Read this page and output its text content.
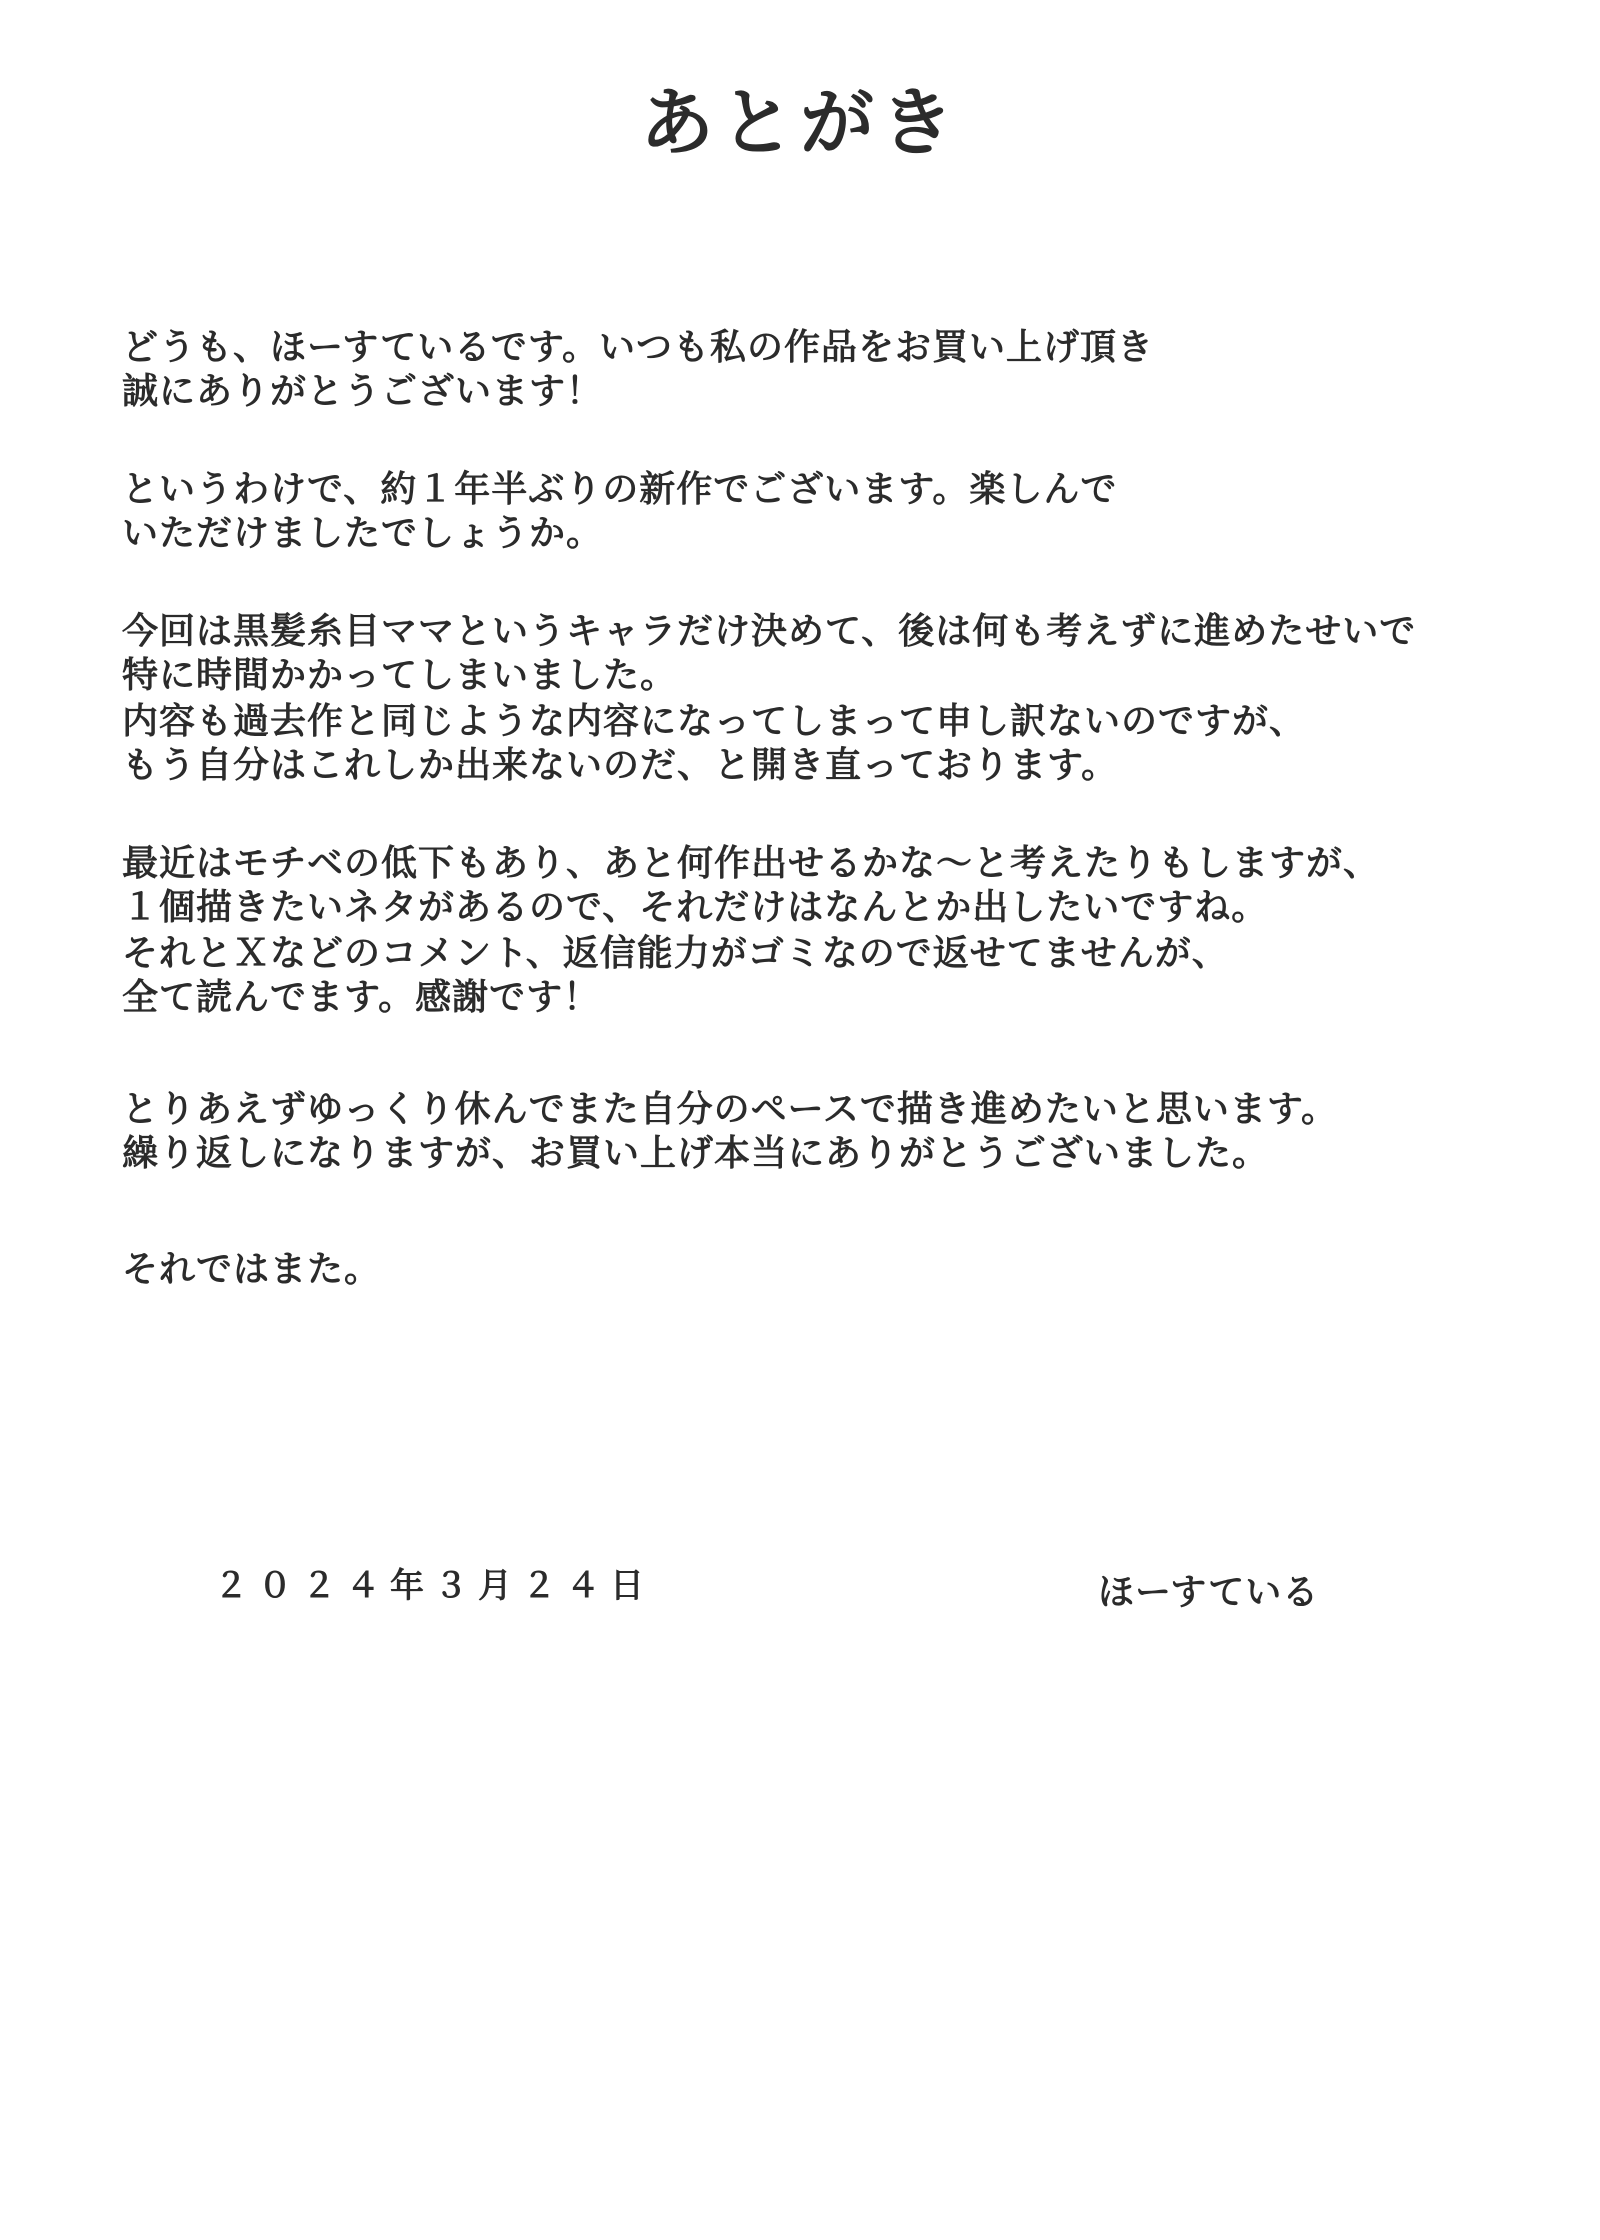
あとがき
どうも、ほーすているです。いつも私の作品をお買い上げ頂き
誠にありがとうございます！
というわけで、約１年半ぶりの新作でございます。楽しんで
いただけましたでしょうか。
今回は黒髪糸目ママというキャラだけ決めて、後は何も考えずに進めたせいで
特に時間かかってしまいました。
内容も過去作と同じような内容になってしまって申し訳ないのですが、
もう自分はこれしか出来ないのだ、と開き直っております。
最近はモチベの低下もあり、あと何作出せるかな～と考えたりもしますが、
１個描きたいネタがあるので、それだけはなんとか出したいですね。
それとＸなどのコメント、返信能力がゴミなので返せてませんが、
全て読んでます。感謝です！
とりあえずゆっくり休んでまた自分のペースで描き進めたいと思います。
繰り返しになりますが、お買い上げ本当にありがとうございました。
それではまた。
２０２４年３月２４日	ほーすている
